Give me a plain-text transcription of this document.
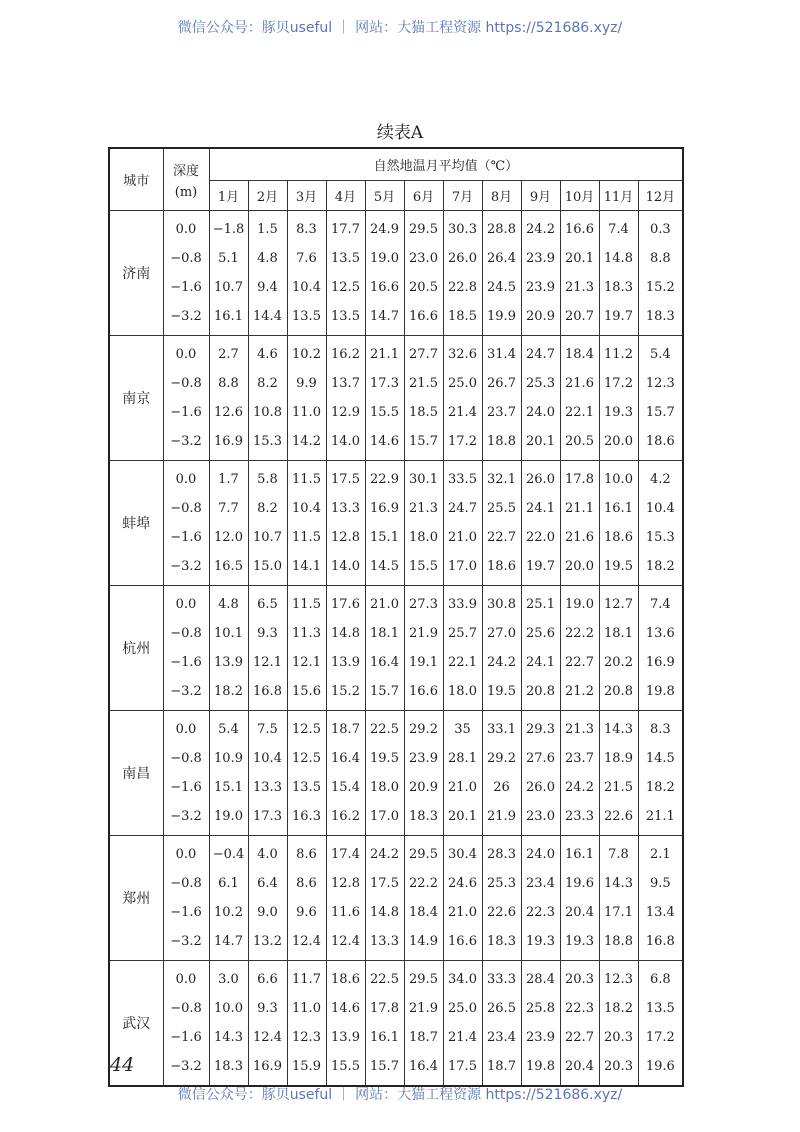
微信公众号：豚贝useful ｜ 网站：大猫工程资源 https://521686.xyz/
续表A
城市	深度
(m)	自然地温月平均值（℃）											
		1月	2月	3月	4月	5月	6月	7月	8月	9月	10月	11月	12月
济南	0.0	−1.8	1.5	8.3	17.7	24.9	29.5	30.3	28.8	24.2	16.6	7.4	0.3
	−0.8	5.1	4.8	7.6	13.5	19.0	23.0	26.0	26.4	23.9	20.1	14.8	8.8
	−1.6	10.7	9.4	10.4	12.5	16.6	20.5	22.8	24.5	23.9	21.3	18.3	15.2
	−3.2	16.1	14.4	13.5	13.5	14.7	16.6	18.5	19.9	20.9	20.7	19.7	18.3
南京	0.0	2.7	4.6	10.2	16.2	21.1	27.7	32.6	31.4	24.7	18.4	11.2	5.4
	−0.8	8.8	8.2	9.9	13.7	17.3	21.5	25.0	26.7	25.3	21.6	17.2	12.3
	−1.6	12.6	10.8	11.0	12.9	15.5	18.5	21.4	23.7	24.0	22.1	19.3	15.7
	−3.2	16.9	15.3	14.2	14.0	14.6	15.7	17.2	18.8	20.1	20.5	20.0	18.6
蚌埠	0.0	1.7	5.8	11.5	17.5	22.9	30.1	33.5	32.1	26.0	17.8	10.0	4.2
	−0.8	7.7	8.2	10.4	13.3	16.9	21.3	24.7	25.5	24.1	21.1	16.1	10.4
	−1.6	12.0	10.7	11.5	12.8	15.1	18.0	21.0	22.7	22.0	21.6	18.6	15.3
	−3.2	16.5	15.0	14.1	14.0	14.5	15.5	17.0	18.6	19.7	20.0	19.5	18.2
杭州	0.0	4.8	6.5	11.5	17.6	21.0	27.3	33.9	30.8	25.1	19.0	12.7	7.4
	−0.8	10.1	9.3	11.3	14.8	18.1	21.9	25.7	27.0	25.6	22.2	18.1	13.6
	−1.6	13.9	12.1	12.1	13.9	16.4	19.1	22.1	24.2	24.1	22.7	20.2	16.9
	−3.2	18.2	16.8	15.6	15.2	15.7	16.6	18.0	19.5	20.8	21.2	20.8	19.8
南昌	0.0	5.4	7.5	12.5	18.7	22.5	29.2	35	33.1	29.3	21.3	14.3	8.3
	−0.8	10.9	10.4	12.5	16.4	19.5	23.9	28.1	29.2	27.6	23.7	18.9	14.5
	−1.6	15.1	13.3	13.5	15.4	18.0	20.9	21.0	26	26.0	24.2	21.5	18.2
	−3.2	19.0	17.3	16.3	16.2	17.0	18.3	20.1	21.9	23.0	23.3	22.6	21.1
郑州	0.0	−0.4	4.0	8.6	17.4	24.2	29.5	30.4	28.3	24.0	16.1	7.8	2.1
	−0.8	6.1	6.4	8.6	12.8	17.5	22.2	24.6	25.3	23.4	19.6	14.3	9.5
	−1.6	10.2	9.0	9.6	11.6	14.8	18.4	21.0	22.6	22.3	20.4	17.1	13.4
	−3.2	14.7	13.2	12.4	12.4	13.3	14.9	16.6	18.3	19.3	19.3	18.8	16.8
武汉	0.0	3.0	6.6	11.7	18.6	22.5	29.5	34.0	33.3	28.4	20.3	12.3	6.8
	−0.8	10.0	9.3	11.0	14.6	17.8	21.9	25.0	26.5	25.8	22.3	18.2	13.5
	−1.6	14.3	12.4	12.3	13.9	16.1	18.7	21.4	23.4	23.9	22.7	20.3	17.2
	−3.2	18.3	16.9	15.9	15.5	15.7	16.4	17.5	18.7	19.8	20.4	20.3	19.6
44
微信公众号：豚贝useful ｜ 网站：大猫工程资源 https://521686.xyz/
